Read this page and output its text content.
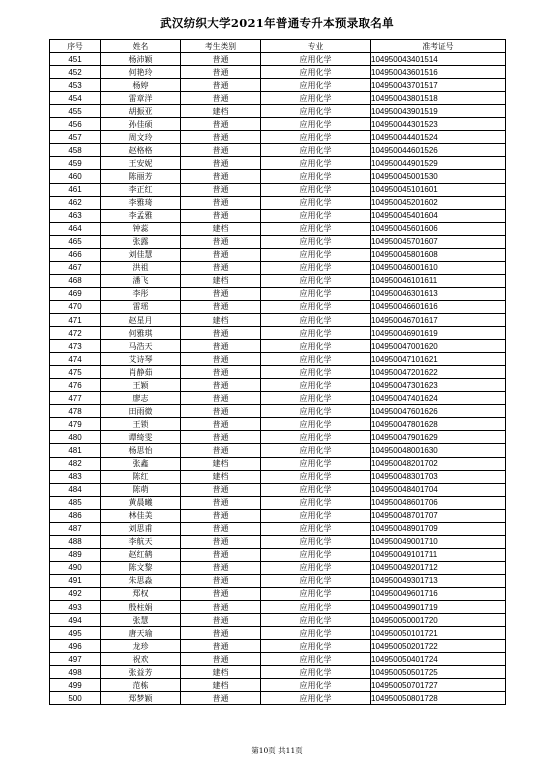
武汉纺织大学2021年普通专升本预录取名单
序号	姓名	考生类别	专业	准考证号
451	杨沛颖	普通	应用化学	104950043401514
452	何艳玲	普通	应用化学	104950043601516
453	杨婷	普通	应用化学	104950043701517
454	雷章洋	普通	应用化学	104950043801518
455	胡振亚	建档	应用化学	104950043901519
456	孙佳硕	普通	应用化学	104950044301523
457	周文玲	普通	应用化学	104950044401524
458	赵格格	普通	应用化学	104950044601526
459	王安妮	普通	应用化学	104950044901529
460	陈丽芳	普通	应用化学	104950045001530
461	李正红	普通	应用化学	104950045101601
462	李雅琦	普通	应用化学	104950045201602
463	李孟雅	普通	应用化学	104950045401604
464	钟蕊	建档	应用化学	104950045601606
465	张露	普通	应用化学	104950045701607
466	刘佳慧	普通	应用化学	104950045801608
467	洪祖	普通	应用化学	104950046001610
468	潘飞	建档	应用化学	104950046101611
469	李彤	普通	应用化学	104950046301613
470	雷瑶	普通	应用化学	104950046601616
471	赵星月	建档	应用化学	104950046701617
472	何雅琪	普通	应用化学	104950046901619
473	马浩天	普通	应用化学	104950047001620
474	艾诗琴	普通	应用化学	104950047101621
475	肖静茹	普通	应用化学	104950047201622
476	王颖	普通	应用化学	104950047301623
477	廖志	普通	应用化学	104950047401624
478	田雨微	普通	应用化学	104950047601626
479	王锁	普通	应用化学	104950047801628
480	谭绮雯	普通	应用化学	104950047901629
481	杨思怡	普通	应用化学	104950048001630
482	张鑫	建档	应用化学	104950048201702
483	陈红	建档	应用化学	104950048301703
484	陈萌	普通	应用化学	104950048401704
485	黄晨曦	普通	应用化学	104950048601706
486	林佳美	普通	应用化学	104950048701707
487	刘思甫	普通	应用化学	104950048901709
488	李航天	普通	应用化学	104950049001710
489	赵红鹤	普通	应用化学	104950049101711
490	陈文黎	普通	应用化学	104950049201712
491	朱思淼	普通	应用化学	104950049301713
492	郑权	普通	应用化学	104950049601716
493	殷柱娟	普通	应用化学	104950049901719
494	张慧	普通	应用化学	104950050001720
495	唐天瑜	普通	应用化学	104950050101721
496	龙珍	普通	应用化学	104950050201722
497	祝欢	普通	应用化学	104950050401724
498	张益芳	建档	应用化学	104950050501725
499	范栋	建档	应用化学	104950050701727
500	郑梦颖	普通	应用化学	104950050801728
第10页 共11页
